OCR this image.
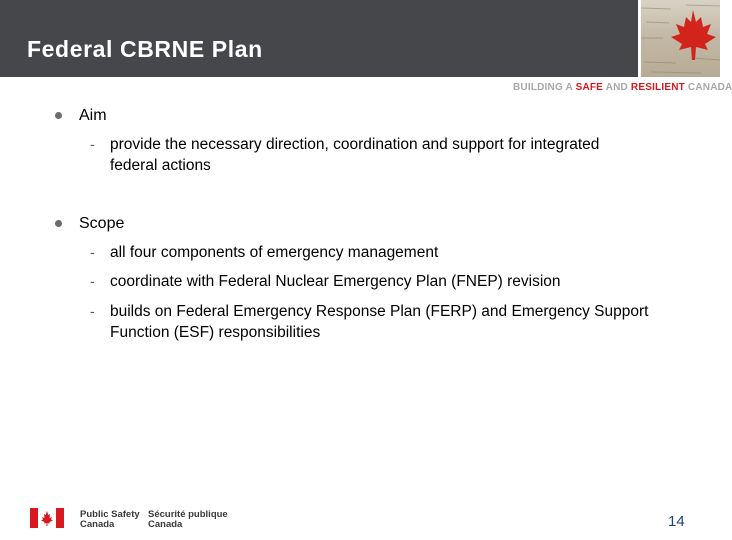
Federal CBRNE Plan
BUILDING A SAFE AND RESILIENT CANADA
Aim
- provide the necessary direction, coordination and support for integrated federal actions
Scope
- all four components of emergency management
- coordinate with Federal Nuclear Emergency Plan (FNEP) revision
- builds on Federal Emergency Response Plan (FERP) and Emergency Support Function (ESF) responsibilities
Public Safety
Canada
Sécurité publique
Canada	14
